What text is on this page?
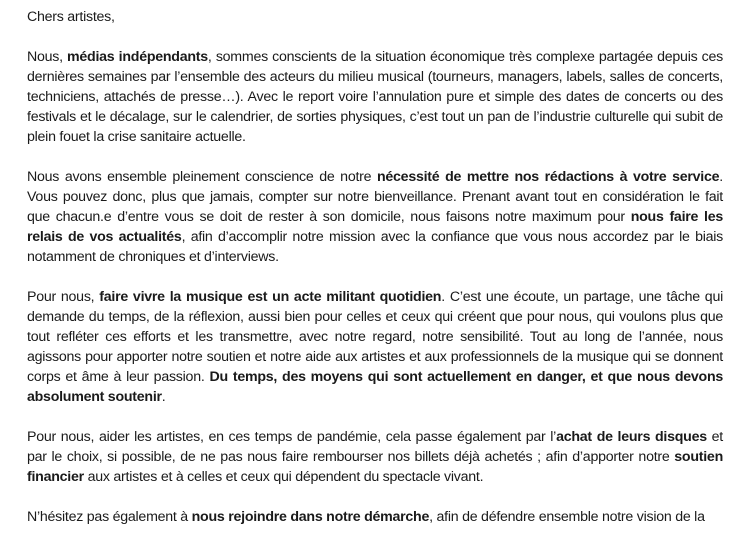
Chers artistes,

Nous, médias indépendants, sommes conscients de la situation économique très complexe partagée depuis ces dernières semaines par l’ensemble des acteurs du milieu musical (tourneurs, managers, labels, salles de concerts, techniciens, attachés de presse…). Avec le report voire l’annulation pure et simple des dates de concerts ou des festivals et le décalage, sur le calendrier, de sorties physiques, c’est tout un pan de l’industrie culturelle qui subit de plein fouet la crise sanitaire actuelle.

Nous avons ensemble pleinement conscience de notre nécessité de mettre nos rédactions à votre service. Vous pouvez donc, plus que jamais, compter sur notre bienveillance. Prenant avant tout en considération le fait que chacun.e d’entre vous se doit de rester à son domicile, nous faisons notre maximum pour nous faire les relais de vos actualités, afin d’accomplir notre mission avec la confiance que vous nous accordez par le biais notamment de chroniques et d’interviews.

Pour nous, faire vivre la musique est un acte militant quotidien. C’est une écoute, un partage, une tâche qui demande du temps, de la réflexion, aussi bien pour celles et ceux qui créent que pour nous, qui voulons plus que tout refléter ces efforts et les transmettre, avec notre regard, notre sensibilité. Tout au long de l’année, nous agissons pour apporter notre soutien et notre aide aux artistes et aux professionnels de la musique qui se donnent corps et âme à leur passion. Du temps, des moyens qui sont actuellement en danger, et que nous devons absolument soutenir.

Pour nous, aider les artistes, en ces temps de pandémie, cela passe également par l’achat de leurs disques et par le choix, si possible, de ne pas nous faire rembourser nos billets déjà achetés ; afin d’apporter notre soutien financier aux artistes et à celles et ceux qui dépendent du spectacle vivant.

N’hésitez pas également à nous rejoindre dans notre démarche, afin de défendre ensemble notre vision de la
